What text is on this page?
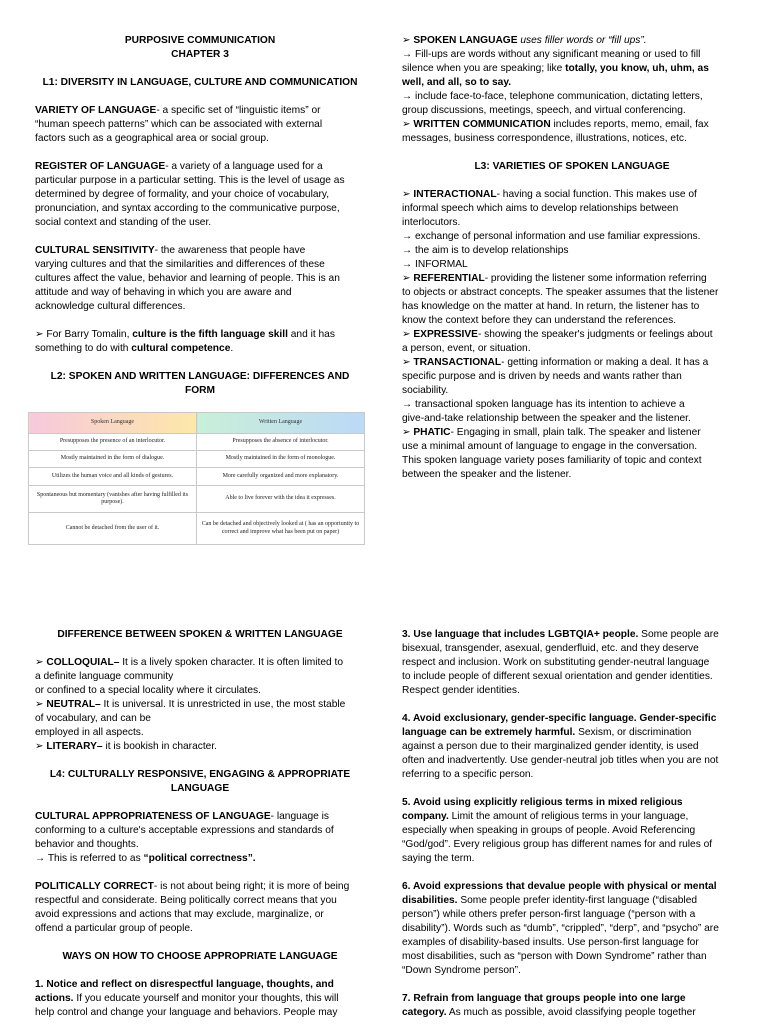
PURPOSIVE COMMUNICATION

CHAPTER 3

L1: DIVERSITY IN LANGUAGE, CULTURE AND COMMUNICATION

VARIETY OF LANGUAGE- a specific set of “linguistic items” or

“human speech patterns” which can be associated with external

factors such as a geographical area or social group.

REGISTER OF LANGUAGE- a variety of a language used for a

particular purpose in a particular setting. This is the level of usage as

determined by degree of formality, and your choice of vocabulary,

pronunciation, and syntax according to the communicative purpose,

social context and standing of the user.

CULTURAL SENSITIVITY- the awareness that people have

varying cultures and that the similarities and differences of these

cultures affect the value, behavior and learning of people. This is an

attitude and way of behaving in which you are aware and

acknowledge cultural differences.

➢ For Barry Tomalin, culture is the fifth language skill and it has

something to do with cultural competence.

L2: SPOKEN AND WRITTEN LANGUAGE: DIFFERENCES AND

FORM

Spoken Language	Written Language
Presupposes the presence of an interlocutor.	Presupposes the absence of interlocutor.
Mostly maintained in the form of dialogue.	Mostly maintained in the form of monologue.
Utilizes the human voice and all kinds of gestures.	More carefully organized and more explanatory.
Spontaneous but momentary (vanishes after having fulfilled its purpose).	Able to live forever with the idea it expresses.
Cannot be detached from the user of it.	Can be detached and objectively looked at ( has an opportunity to correct and improve what has been put on paper)

➢ SPOKEN LANGUAGE uses filler words or “fill ups”.

→ Fill-ups are words without any significant meaning or used to fill

silence when you are speaking; like totally, you know, uh, uhm, as

well, and all, so to say.

→ include face-to-face, telephone communication, dictating letters,

group discussions, meetings, speech, and virtual conferencing.

➢ WRITTEN COMMUNICATION includes reports, memo, email, fax

messages, business correspondence, illustrations, notices, etc.

L3: VARIETIES OF SPOKEN LANGUAGE

➢ INTERACTIONAL- having a social function. This makes use of

informal speech which aims to develop relationships between

interlocutors.

→ exchange of personal information and use familiar expressions.

→ the aim is to develop relationships

→ INFORMAL

➢ REFERENTIAL- providing the listener some information referring

to objects or abstract concepts. The speaker assumes that the listener

has knowledge on the matter at hand. In return, the listener has to

know the context before they can understand the references.

➢ EXPRESSIVE- showing the speaker's judgments or feelings about

a person, event, or situation.

➢ TRANSACTIONAL- getting information or making a deal. It has a

specific purpose and is driven by needs and wants rather than

sociability.

→ transactional spoken language has its intention to achieve a

give-and-take relationship between the speaker and the listener.

➢ PHATIC- Engaging in small, plain talk. The speaker and listener

use a minimal amount of language to engage in the conversation.

This spoken language variety poses familiarity of topic and context

between the speaker and the listener.

DIFFERENCE BETWEEN SPOKEN & WRITTEN LANGUAGE

➢ COLLOQUIAL– It is a lively spoken character. It is often limited to

a definite language community

or confined to a special locality where it circulates.

➢ NEUTRAL– It is universal. It is unrestricted in use, the most stable

of vocabulary, and can be

employed in all aspects.

➢ LITERARY– it is bookish in character.

L4: CULTURALLY RESPONSIVE, ENGAGING & APPROPRIATE

LANGUAGE

CULTURAL APPROPRIATENESS OF LANGUAGE- language is

conforming to a culture's acceptable expressions and standards of

behavior and thoughts.

→ This is referred to as “political correctness”.

POLITICALLY CORRECT- is not about being right; it is more of being

respectful and considerate. Being politically correct means that you

avoid expressions and actions that may exclude, marginalize, or

offend a particular group of people.

WAYS ON HOW TO CHOOSE APPROPRIATE LANGUAGE

1. Notice and reflect on disrespectful language, thoughts, and

actions. If you educate yourself and monitor your thoughts, this will

help control and change your language and behaviors. People may

3. Use language that includes LGBTQIA+ people. Some people are

bisexual, transgender, asexual, genderfluid, etc. and they deserve

respect and inclusion. Work on substituting gender-neutral language

to include people of different sexual orientation and gender identities.

Respect gender identities.

4. Avoid exclusionary, gender-specific language. Gender-specific

language can be extremely harmful. Sexism, or discrimination

against a person due to their marginalized gender identity, is used

often and inadvertently. Use gender-neutral job titles when you are not

referring to a specific person.

5. Avoid using explicitly religious terms in mixed religious

company. Limit the amount of religious terms in your language,

especially when speaking in groups of people. Avoid Referencing

“God/god”. Every religious group has different names for and rules of

saying the term.

6. Avoid expressions that devalue people with physical or mental

disabilities. Some people prefer identity-first language (“disabled

person”) while others prefer person-first language (“person with a

disability”). Words such as “dumb”, “crippled”, “derp”, and “psycho” are

examples of disability-based insults. Use person-first language for

most disabilities, such as “person with Down Syndrome” rather than

“Down Syndrome person”.

7. Refrain from language that groups people into one large

category. As much as possible, avoid classifying people together
